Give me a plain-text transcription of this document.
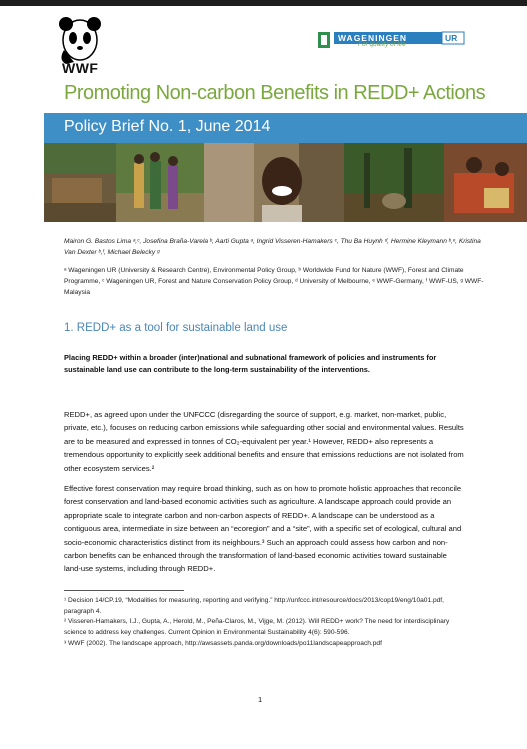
WWF
WAGENINGEN	UR
For quality of life
Promoting Non-carbon Benefits in REDD+ Actions
Policy Brief No. 1, June 2014

Mairon G. Bastos Lima ᵃ,ᶜ, Josefina Braña-Varela ᵇ, Aarti Gupta ᵃ, Ingrid Visseren-Hamakers ᶜ, Thu Ba Huynh ᵈ, Hermine Kleymann ᵇ,ᵉ, Kristina Van Dexter ᵇ,ᶠ, Michael Belecky ᵍ

ᵃ Wageningen UR (University & Research Centre), Environmental Policy Group, ᵇ Worldwide Fund for Nature (WWF), Forest and Climate Programme, ᶜ Wageningen UR, Forest and Nature Conservation Policy Group, ᵈ University of Melbourne, ᵉ WWF-Germany, ᶠ WWF-US, ᵍ WWF-Malaysia

1. REDD+ as a tool for sustainable land use

Placing REDD+ within a broader (inter)national and subnational framework of policies and instruments for sustainable land use can contribute to the long-term sustainability of the interventions.

REDD+, as agreed upon under the UNFCCC (disregarding the source of support, e.g. market, non-market, public, private, etc.), focuses on reducing carbon emissions while safeguarding other social and environmental values. Results are to be measured and expressed in tonnes of CO₂-equivalent per year.¹ However, REDD+ also represents a tremendous opportunity to explicitly seek additional benefits and ensure that emissions reductions are not isolated from other ecosystem services.²

Effective forest conservation may require broad thinking, such as on how to promote holistic approaches that reconcile forest conservation and land-based economic activities such as agriculture. A landscape approach could provide an appropriate scale to integrate carbon and non-carbon aspects of REDD+. A landscape can be understood as a contiguous area, intermediate in size between an “ecoregion” and a “site”, with a specific set of ecological, cultural and socio-economic characteristics distinct from its neighbours.³ Such an approach could assess how carbon and non-carbon benefits can be enhanced through the transformation of land-based economic activities toward sustainable land-use systems, including through REDD+.

¹ Decision 14/CP.19, “Modalities for measuring, reporting and verifying.” http://unfccc.int/resource/docs/2013/cop19/eng/10a01.pdf, paragraph 4.

² Visseren-Hamakers, I.J., Gupta, A., Herold, M., Peña-Claros, M., Vijge, M. (2012). Will REDD+ work? The need for interdisciplinary science to address key challenges. Current Opinion in Environmental Sustainability 4(6): 590-596.

³ WWF (2002). The landscape approach, http://awsassets.panda.org/downloads/po11landscapeapproach.pdf

1
